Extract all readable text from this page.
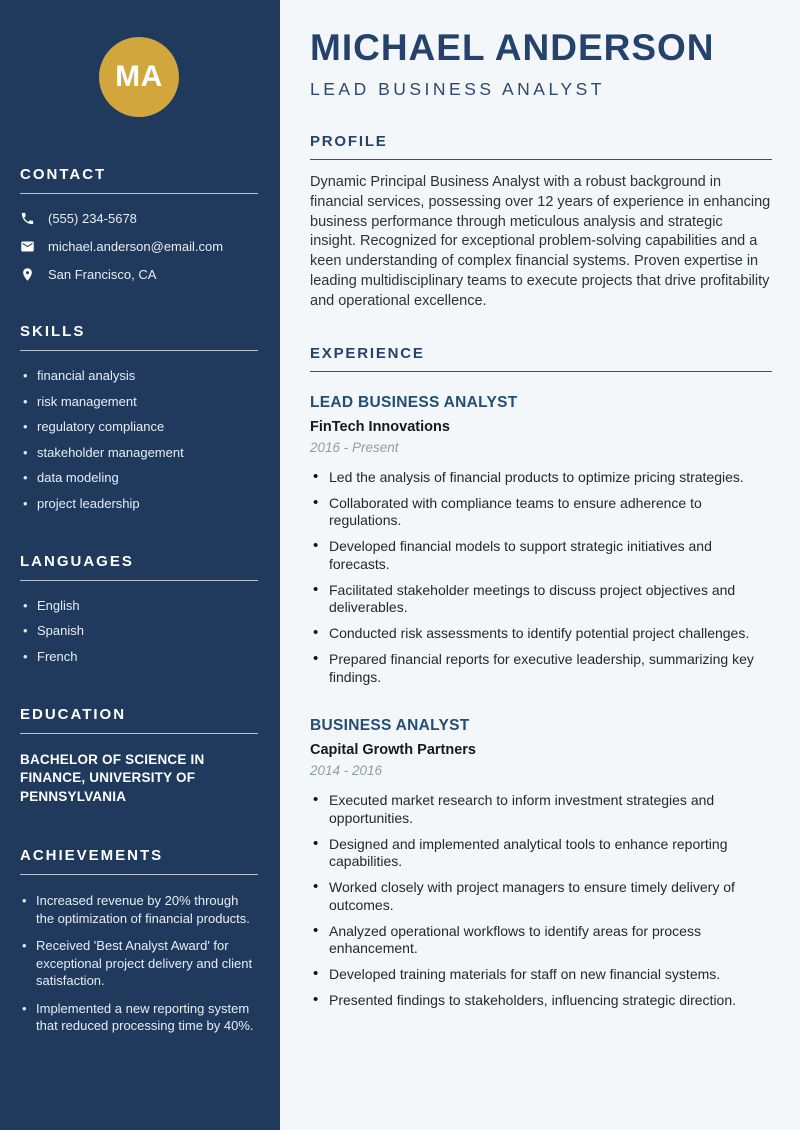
MA
CONTACT
(555) 234-5678
michael.anderson@email.com
San Francisco, CA
SKILLS
• financial analysis
• risk management
• regulatory compliance
• stakeholder management
• data modeling
• project leadership
LANGUAGES
• English
• Spanish
• French
EDUCATION

BACHELOR OF SCIENCE IN FINANCE, UNIVERSITY OF PENNSYLVANIA

ACHIEVEMENTS
• Increased revenue by 20% through the optimization of financial products.
• Received 'Best Analyst Award' for exceptional project delivery and client satisfaction.
• Implemented a new reporting system that reduced processing time by 40%.
MICHAEL ANDERSON
LEAD BUSINESS ANALYST
PROFILE

Dynamic Principal Business Analyst with a robust background in financial services, possessing over 12 years of experience in enhancing business performance through meticulous analysis and strategic insight. Recognized for exceptional problem-solving capabilities and a keen understanding of complex financial systems. Proven expertise in leading multidisciplinary teams to execute projects that drive profitability and operational excellence.

EXPERIENCE
LEAD BUSINESS ANALYST

FinTech Innovations

2016 - Present

• Led the analysis of financial products to optimize pricing strategies.
• Collaborated with compliance teams to ensure adherence to regulations.
• Developed financial models to support strategic initiatives and forecasts.
• Facilitated stakeholder meetings to discuss project objectives and deliverables.
• Conducted risk assessments to identify potential project challenges.
• Prepared financial reports for executive leadership, summarizing key findings.
BUSINESS ANALYST

Capital Growth Partners

2014 - 2016

• Executed market research to inform investment strategies and opportunities.
• Designed and implemented analytical tools to enhance reporting capabilities.
• Worked closely with project managers to ensure timely delivery of outcomes.
• Analyzed operational workflows to identify areas for process enhancement.
• Developed training materials for staff on new financial systems.
• Presented findings to stakeholders, influencing strategic direction.
